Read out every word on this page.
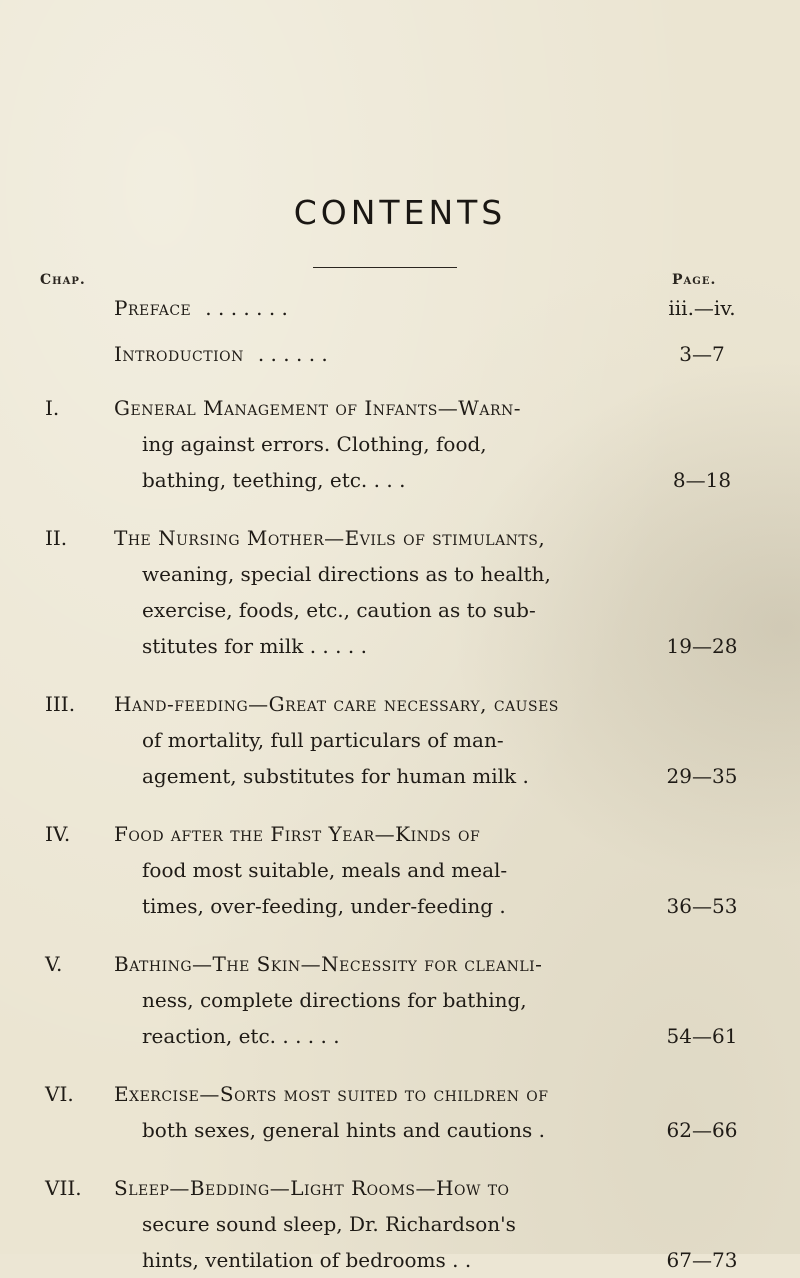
CONTENTS
Chap.	Page.
Preface . . . . . . .	iii.—iv.
Introduction . . . . . .	3—7
I.	General Management of Infants—Warn-
ing against errors. Clothing, food,
bathing, teething, etc. . . .	8—18
II.	The Nursing Mother—Evils of stimulants,
weaning, special directions as to health,
exercise, foods, etc., caution as to sub-
stitutes for milk . . . . .	19—28
III.	Hand-feeding—Great care necessary, causes
of mortality, full particulars of man-
agement, substitutes for human milk .	29—35
IV.	Food after the First Year—Kinds of
food most suitable, meals and meal-
times, over-feeding, under-feeding .	36—53
V.	Bathing—The Skin—Necessity for cleanli-
ness, complete directions for bathing,
reaction, etc. . . . . .	54—61
VI.	Exercise—Sorts most suited to children of
both sexes, general hints and cautions .	62—66
VII.	Sleep—Bedding—Light Rooms—How to
secure sound sleep, Dr. Richardson's
hints, ventilation of bedrooms . .	67—73
